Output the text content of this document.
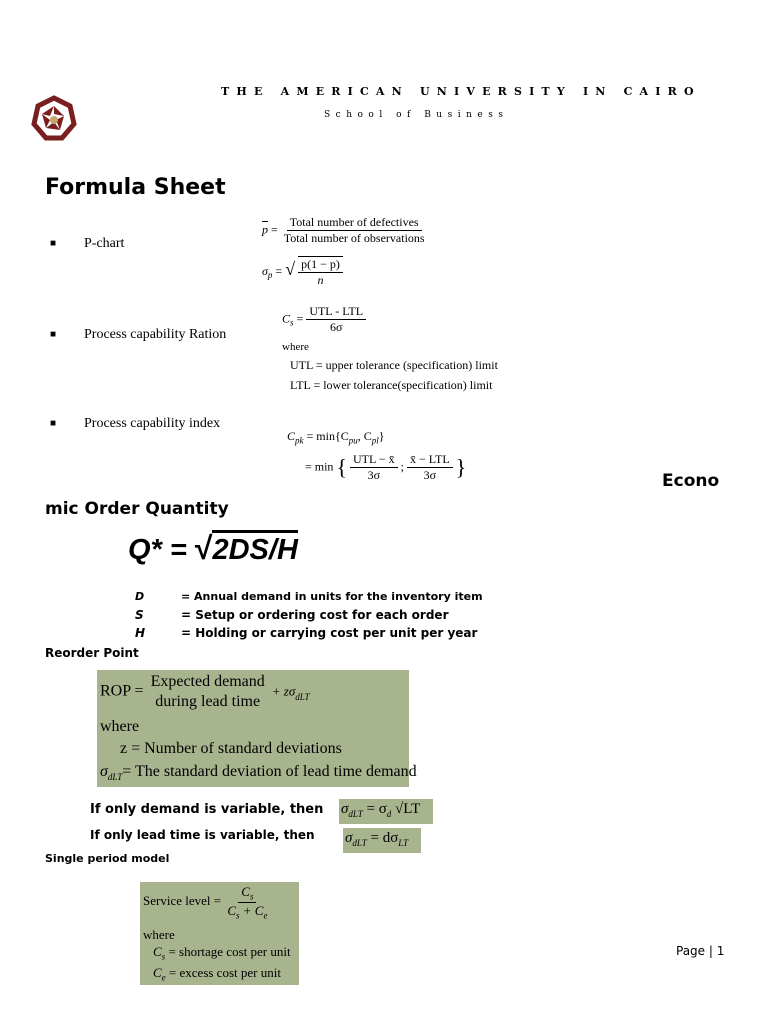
THE AMERICAN UNIVERSITY IN CAIRO
School of Business
Formula Sheet
■ P-chart
$\overline{p} = \frac{\text{Total number of defectives}}{\text{Total number of observations}}$
$\sigma_p$ = √ $\frac{p(1 - p)}{n}$
■ Process capability Ration
$C_s = \frac{\text{UTL - LTL}}{6\sigma}$
where
UTL = upper tolerance (specification) limit
LTL = lower tolerance(specification) limit
■ Process capability index
$C_{pk} = \min\{C_{pu}$, $C_{pl}$}
= min { $\frac{\text{UTL − x̄}}{3\sigma}$ ; $\frac{\text{x̄ − LTL}}{3\sigma}$ }
Econo
mic Order Quantity
Q* = √2DS/H
D	= Annual demand in units for the inventory item
S	= Setup or ordering cost for each order
H	= Holding or carrying cost per unit per year
Reorder Point
ROP =
Expected demand
during lead time
+ $z\sigma_{dLT}$
where
z = Number of standard deviations
$\sigma_{dLT}=$ The standard deviation of lead time demand
If only demand is variable, then $\sigma_{dLT} = \sigma_d$ √LT
If only lead time is variable, then $\sigma_{dLT} = d\sigma_{LT}$
Single period model
Service level = $\frac{C_s}{C_s + C_e}$
where
$C_s$ = shortage cost per unit
$C_e$ = excess cost per unit
Page | 1
